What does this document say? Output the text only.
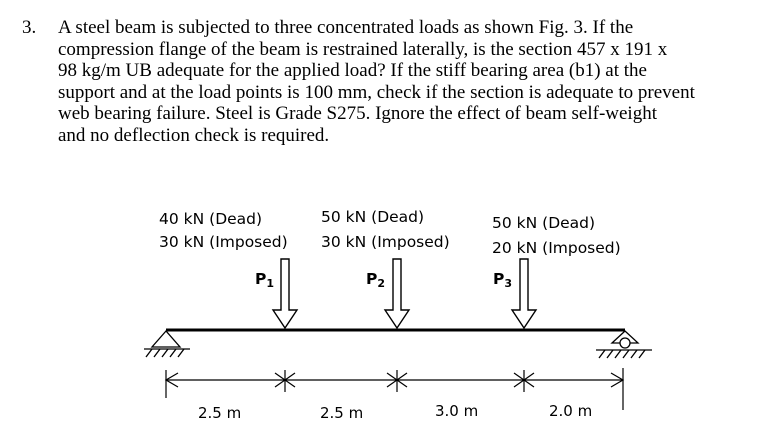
3. A steel beam is subjected to three concentrated loads as shown Fig. 3. If the
compression flange of the beam is restrained laterally, is the section 457 x 191 x
98 kg/m UB adequate for the applied load? If the stiff bearing area (b1) at the
support and at the load points is 100 mm, check if the section is adequate to prevent
web bearing failure. Steel is Grade S275. Ignore the effect of beam self-weight
and no deflection check is required.
40 kN (Dead)
30 kN (Imposed)
50 kN (Dead)
30 kN (Imposed)
50 kN (Dead)
20 kN (Imposed)
P1	P2	P3
2.5 m	2.5 m	3.0 m	2.0 m
